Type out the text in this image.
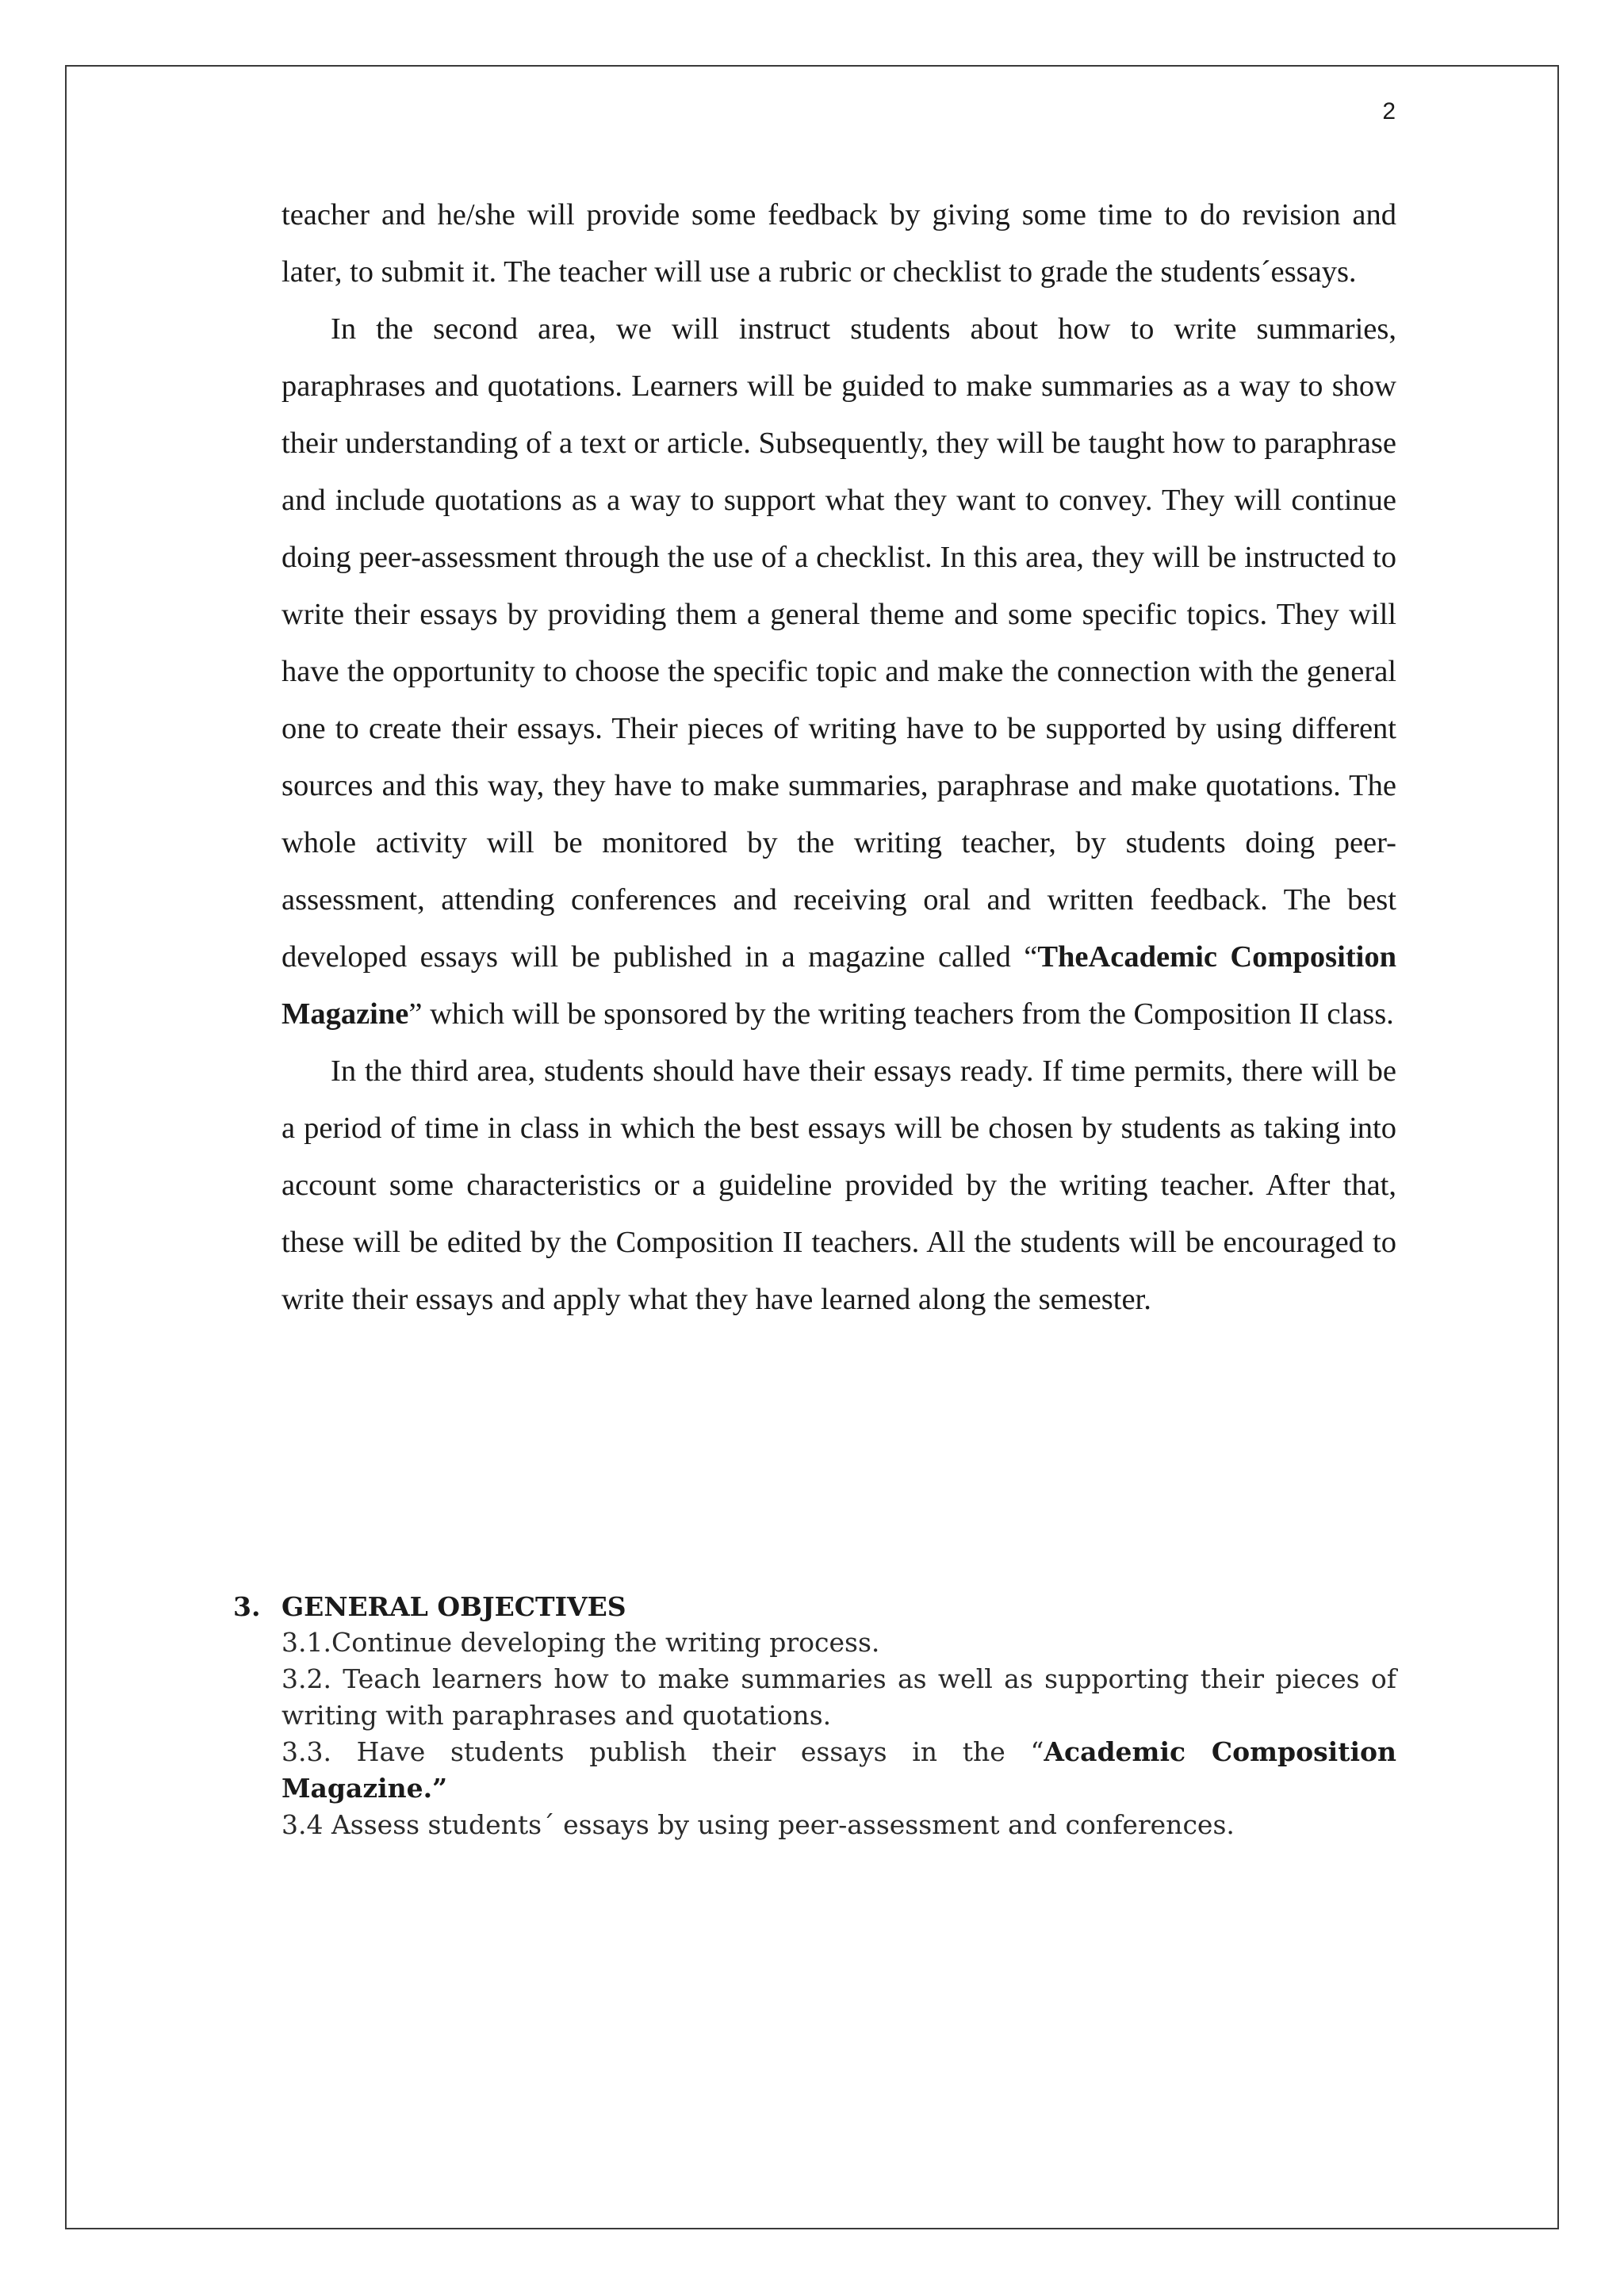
2

teacher and he/she will provide some feedback by giving some time to do revision and later, to submit it. The teacher will use a rubric or checklist to grade the students´essays.

In the second area, we will instruct students about how to write summaries, paraphrases and quotations. Learners will be guided to make summaries as a way to show their understanding of a text or article. Subsequently, they will be taught how to paraphrase and include quotations as a way to support what they want to convey. They will continue doing peer-assessment through the use of a checklist. In this area, they will be instructed to write their essays by providing them a general theme and some specific topics. They will have the opportunity to choose the specific topic and make the connection with the general one to create their essays. Their pieces of writing have to be supported by using different sources and this way, they have to make summaries, paraphrase and make quotations. The whole activity will be monitored by the writing teacher, by students doing peer-assessment, attending conferences and receiving oral and written feedback. The best developed essays will be published in a magazine called “TheAcademic Composition Magazine” which will be sponsored by the writing teachers from the Composition II class.

In the third area, students should have their essays ready. If time permits, there will be a period of time in class in which the best essays will be chosen by students as taking into account some characteristics or a guideline provided by the writing teacher. After that, these will be edited by the Composition II teachers. All the students will be encouraged to write their essays and apply what they have learned along the semester.

3. GENERAL OBJECTIVES
3.1.Continue developing the writing process.
3.2. Teach learners how to make summaries as well as supporting their pieces of writing with paraphrases and quotations.
3.3. Have students publish their essays in the “Academic Composition Magazine.”
3.4 Assess students´ essays by using peer-assessment and conferences.
